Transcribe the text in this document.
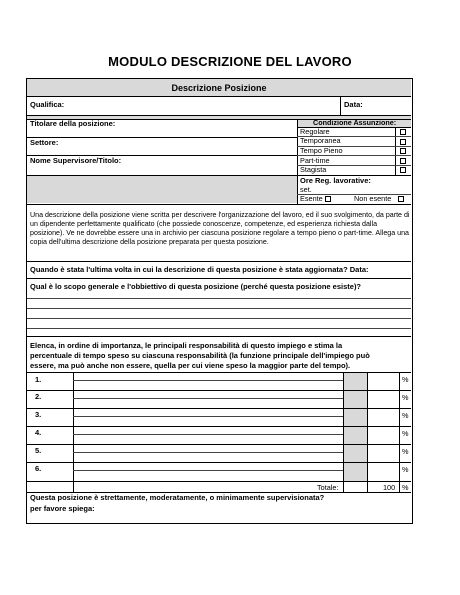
MODULO DESCRIZIONE DEL LAVORO
Descrizione Posizione
Qualifica:	Data:
Titolare della posizione:
Settore:
Nome Supervisore/Titolo:
Condizione Assunzione:
Regolare
Temporanea
Tempo Pieno
Part-time
Stagista
Ore Reg. lavorative:
set.
Esente	Non esente
Una descrizione della posizione viene scritta per descrivere l'organizzazione del lavoro, ed il suo svolgimento, da parte di un dipendente perfettamente qualificato (che possiede conoscenze, competenze, ed esperienza richiesta dalla posizione). Ve ne dovrebbe essere una in archivio per ciascuna posizione regolare a tempo pieno o part-time. Allega una copia dell'ultima descrizione della posizione preparata per questa posizione.
Quando è stata l'ultima volta in cui la descrizione di questa posizione è stata aggiornata? Data:
Qual è lo scopo generale e l'obbiettivo di questa posizione (perché questa posizione esiste)?
Elenca, in ordine di importanza, le principali responsabilità di questo impiego e stima la
percentuale di tempo speso su ciascuna responsabilità (la funzione principale dell'impiego può
essere, ma può anche non essere, quella per cui viene speso la maggior parte del tempo).
1.	%
2.	%
3.	%
4.	%
5.	%
6.	%
Totale:	100 %
Questa posizione è strettamente, moderatamente, o minimamente supervisionata?
per favore spiega:
